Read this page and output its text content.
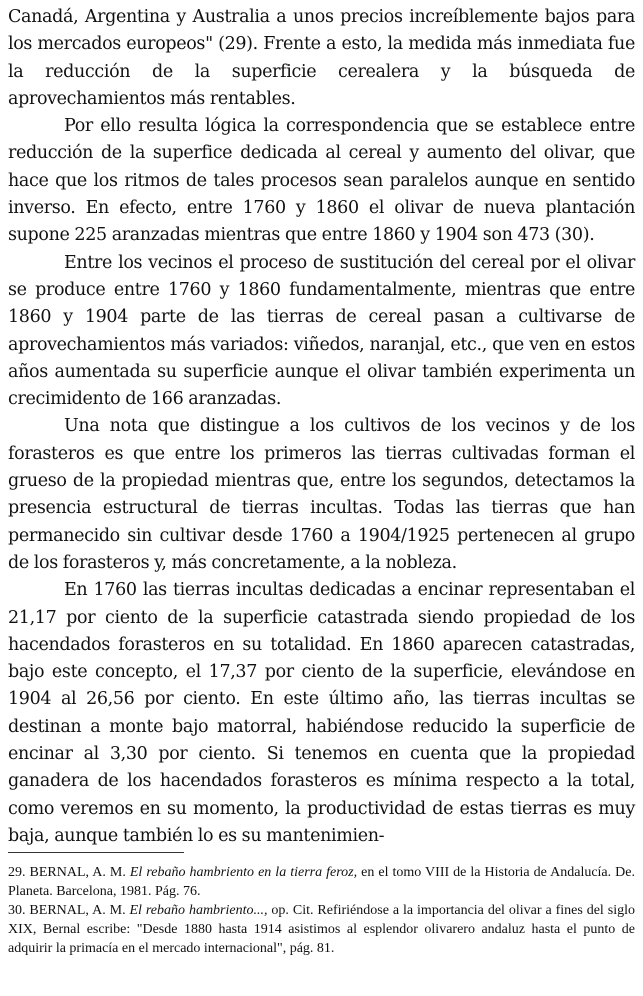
Canadá, Argentina y Australia a unos precios increíblemente bajos para los mercados europeos" (29). Frente a esto, la medida más inmediata fue la reducción de la superficie cerealera y la búsqueda de aprovechamientos más rentables.

Por ello resulta lógica la correspondencia que se establece entre reducción de la superfice dedicada al cereal y aumento del olivar, que hace que los ritmos de tales procesos sean paralelos aunque en sentido inverso. En efecto, entre 1760 y 1860 el olivar de nueva plantación supone 225 aranzadas mientras que entre 1860 y 1904 son 473 (30).

Entre los vecinos el proceso de sustitución del cereal por el olivar se produce entre 1760 y 1860 fundamentalmente, mientras que entre 1860 y 1904 parte de las tierras de cereal pasan a cultivarse de aprovechamientos más variados: viñedos, naranjal, etc., que ven en estos años aumentada su superficie aunque el olivar también experimenta un crecimidento de 166 aranzadas.

Una nota que distingue a los cultivos de los vecinos y de los forasteros es que entre los primeros las tierras cultivadas forman el grueso de la propiedad mientras que, entre los segundos, detectamos la presencia estructural de tierras incultas. Todas las tierras que han permanecido sin cultivar desde 1760 a 1904/1925 pertenecen al grupo de los forasteros y, más concretamente, a la nobleza.

En 1760 las tierras incultas dedicadas a encinar representaban el 21,17 por ciento de la superficie catastrada siendo propiedad de los hacendados forasteros en su totalidad. En 1860 aparecen catastradas, bajo este concepto, el 17,37 por ciento de la superficie, elevándose en 1904 al 26,56 por ciento. En este último año, las tierras incultas se destinan a monte bajo matorral, habiéndose reducido la superficie de encinar al 3,30 por ciento. Si tenemos en cuenta que la propiedad ganadera de los hacendados forasteros es mínima respecto a la total, como veremos en su momento, la productividad de estas tierras es muy baja, aunque también lo es su mantenimien-

29. BERNAL, A. M. El rebaño hambriento en la tierra feroz, en el tomo VIII de la Historia de Andalucía. De. Planeta. Barcelona, 1981. Pág. 76.

30. BERNAL, A. M. El rebaño hambriento..., op. Cit. Refiriéndose a la importancia del olivar a fines del siglo XIX, Bernal escribe: "Desde 1880 hasta 1914 asistimos al esplendor olivarero andaluz hasta el punto de adquirir la primacía en el mercado internacional", pág. 81.
